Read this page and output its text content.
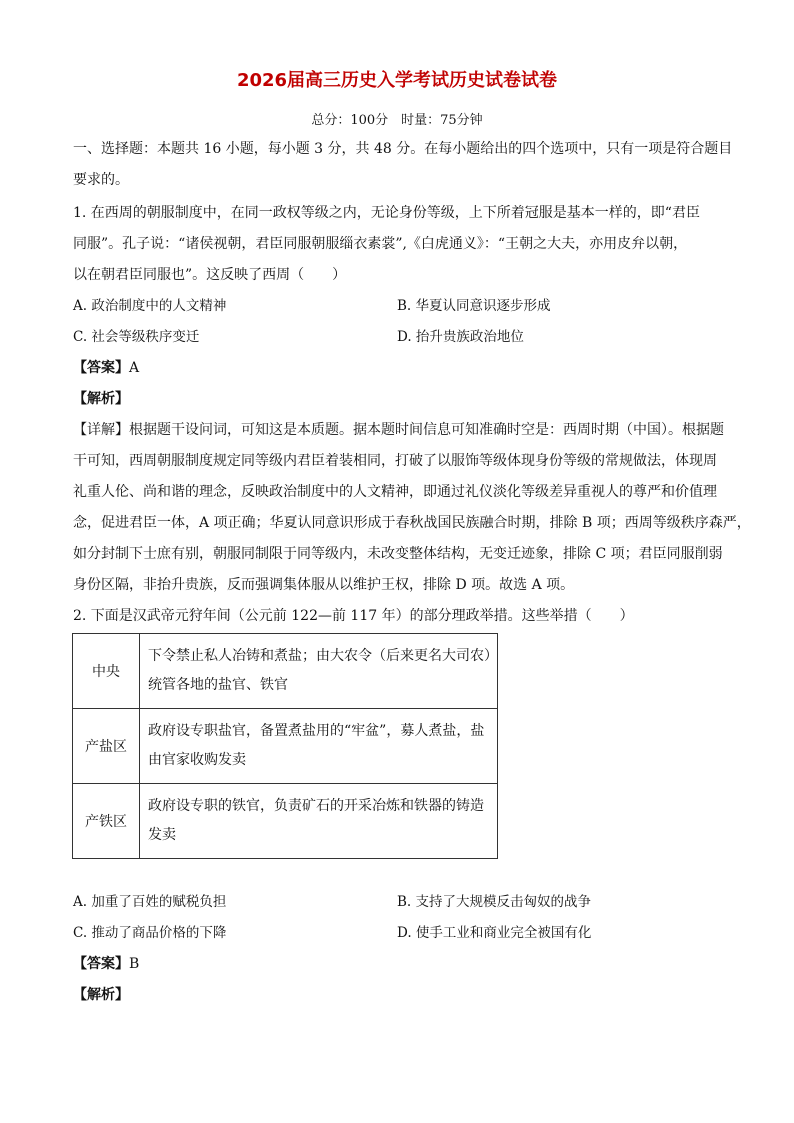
2026届高三历史入学考试历史试卷试卷
总分：100分　时量：75分钟
一、选择题：本题共 16 小题，每小题 3 分，共 48 分。在每小题给出的四个选项中，只有一项是符合题目
要求的。
1. 在西周的朝服制度中，在同一政权等级之内，无论身份等级，上下所着冠服是基本一样的，即“君臣
同服”。孔子说：“诸侯视朝，君臣同服朝服缁衣素裳”,《白虎通义》：“王朝之大夫，亦用皮弁以朝，
以在朝君臣同服也”。这反映了西周（　　）
A. 政治制度中的人文精神	B. 华夏认同意识逐步形成
C. 社会等级秩序变迁	D. 抬升贵族政治地位
【答案】A
【解析】
【详解】根据题干设问词，可知这是本质题。据本题时间信息可知准确时空是：西周时期（中国）。根据题
干可知，西周朝服制度规定同等级内君臣着装相同，打破了以服饰等级体现身份等级的常规做法，体现周
礼重人伦、尚和谐的理念，反映政治制度中的人文精神，即通过礼仪淡化等级差异重视人的尊严和价值理
念，促进君臣一体，A 项正确；华夏认同意识形成于春秋战国民族融合时期，排除 B 项；西周等级秩序森严，
如分封制下士庶有别，朝服同制限于同等级内，未改变整体结构，无变迁迹象，排除 C 项；君臣同服削弱
身份区隔，非抬升贵族，反而强调集体服从以维护王权，排除 D 项。故选 A 项。
2. 下面是汉武帝元狩年间（公元前 122—前 117 年）的部分理政举措。这些举措（　　）
中央	下令禁止私人冶铸和煮盐；由大农令（后来更名大司农）统管各地的盐官、铁官
产盐区	政府设专职盐官，备置煮盐用的“牢盆”，募人煮盐，盐由官家收购发卖
产铁区	政府设专职的铁官，负责矿石的开采冶炼和铁器的铸造发卖
A. 加重了百姓的赋税负担	B. 支持了大规模反击匈奴的战争
C. 推动了商品价格的下降	D. 使手工业和商业完全被国有化
【答案】B
【解析】
